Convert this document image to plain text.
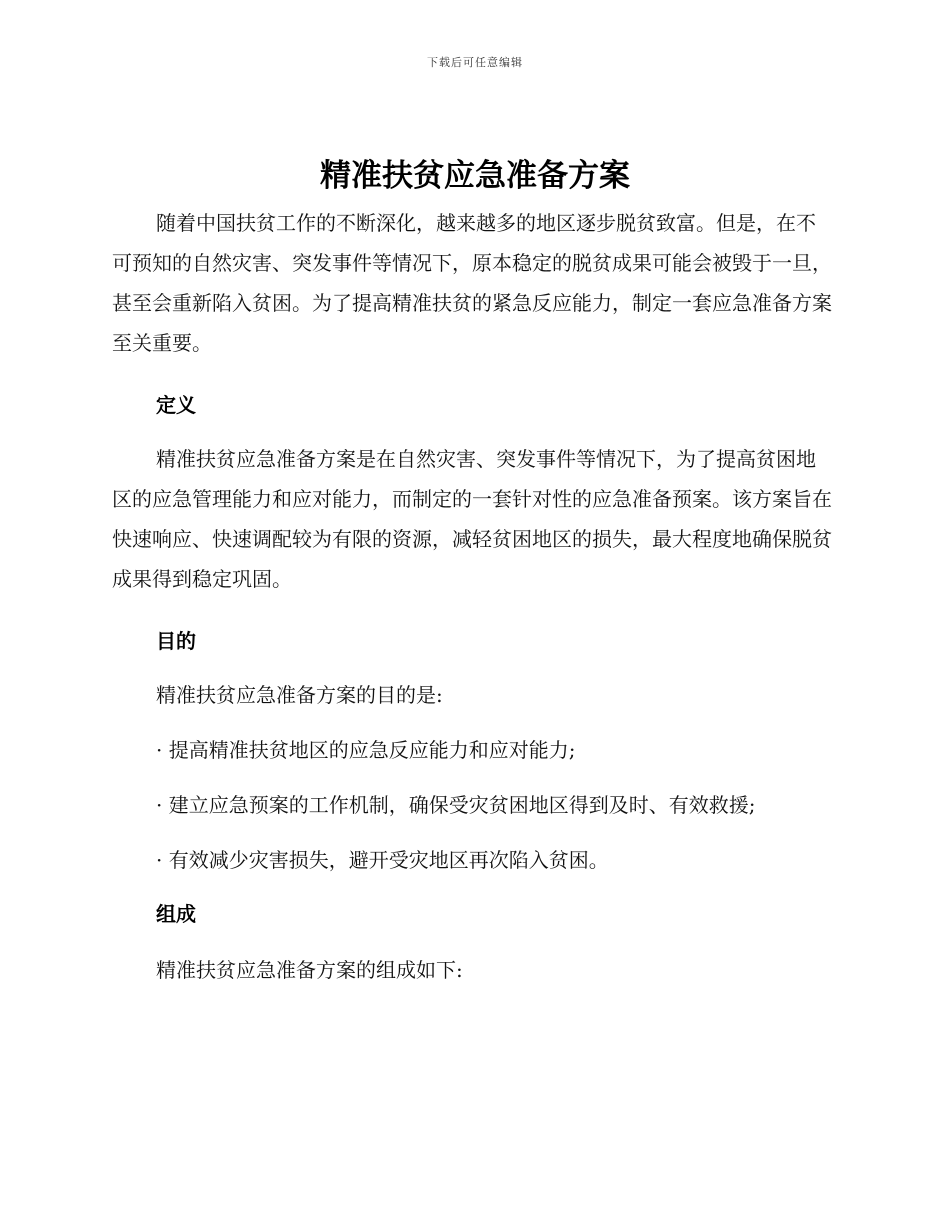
下载后可任意编辑
精准扶贫应急准备方案

随着中国扶贫工作的不断深化，越来越多的地区逐步脱贫致富。但是，在不可预知的自然灾害、突发事件等情况下，原本稳定的脱贫成果可能会被毁于一旦，甚至会重新陷入贫困。为了提高精准扶贫的紧急反应能力，制定一套应急准备方案至关重要。

定义

精准扶贫应急准备方案是在自然灾害、突发事件等情况下，为了提高贫困地区的应急管理能力和应对能力，而制定的一套针对性的应急准备预案。该方案旨在快速响应、快速调配较为有限的资源，减轻贫困地区的损失，最大程度地确保脱贫成果得到稳定巩固。

目的

精准扶贫应急准备方案的目的是:

· 提高精准扶贫地区的应急反应能力和应对能力;

· 建立应急预案的工作机制，确保受灾贫困地区得到及时、有效救援;

· 有效减少灾害损失，避开受灾地区再次陷入贫困。

组成

精准扶贫应急准备方案的组成如下:
